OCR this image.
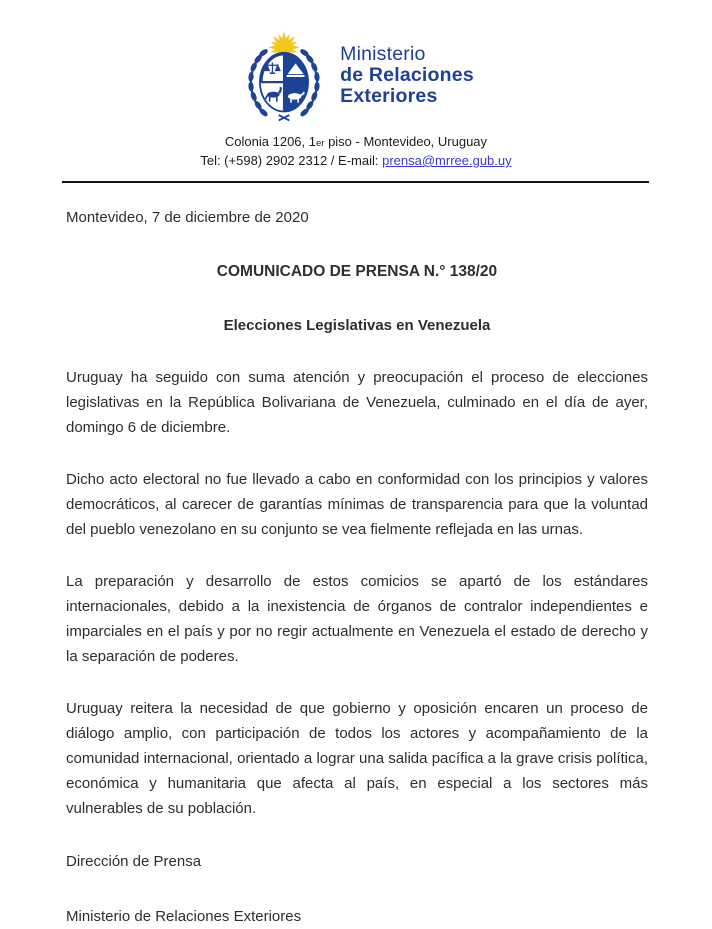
Ministerio
de Relaciones
Exteriores
Colonia 1206, 1er piso - Montevideo, Uruguay
Tel: (+598) 2902 2312 / E-mail: prensa@mrree.gub.uy

Montevideo, 7 de diciembre de 2020

COMUNICADO DE PRENSA N.° 138/20

Elecciones Legislativas en Venezuela

Uruguay ha seguido con suma atención y preocupación el proceso de elecciones legislativas en la República Bolivariana de Venezuela, culminado en el día de ayer, domingo 6 de diciembre.

Dicho acto electoral no fue llevado a cabo en conformidad con los principios y valores democráticos, al carecer de garantías mínimas de transparencia para que la voluntad del pueblo venezolano en su conjunto se vea fielmente reflejada en las urnas.

La preparación y desarrollo de estos comicios se apartó de los estándares internacionales, debido a la inexistencia de órganos de contralor independientes e imparciales en el país y por no regir actualmente en Venezuela el estado de derecho y la separación de poderes.

Uruguay reitera la necesidad de que gobierno y oposición encaren un proceso de diálogo amplio, con participación de todos los actores y acompañamiento de la comunidad internacional, orientado a lograr una salida pacífica a la grave crisis política, económica y humanitaria que afecta al país, en especial a los sectores más vulnerables de su población.

Dirección de Prensa

Ministerio de Relaciones Exteriores
